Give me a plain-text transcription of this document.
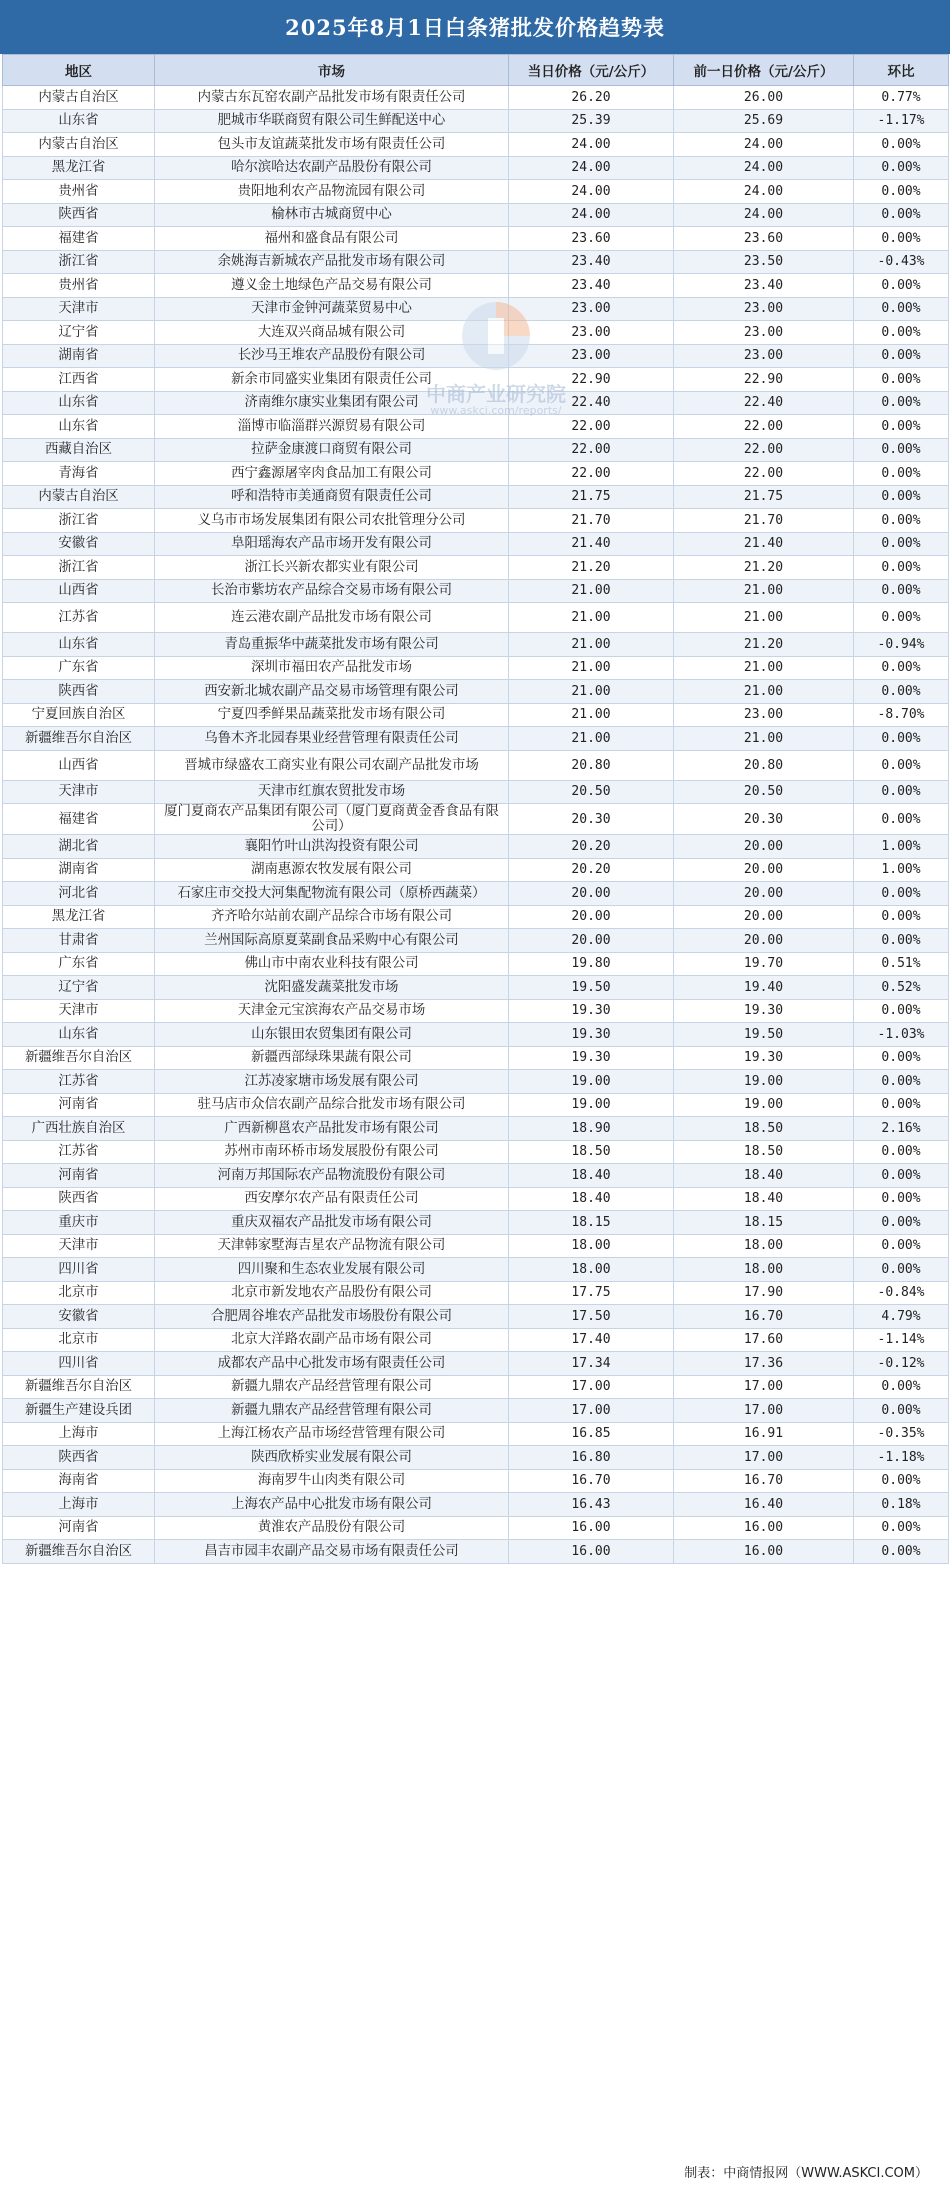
2025年8月1日白条猪批发价格趋势表
地区	市场	当日价格（元/公斤）	前一日价格（元/公斤）	环比
内蒙古自治区	内蒙古东瓦窑农副产品批发市场有限责任公司	26.20	26.00	0.77%
山东省	肥城市华联商贸有限公司生鲜配送中心	25.39	25.69	-1.17%
内蒙古自治区	包头市友谊蔬菜批发市场有限责任公司	24.00	24.00	0.00%
黑龙江省	哈尔滨哈达农副产品股份有限公司	24.00	24.00	0.00%
贵州省	贵阳地利农产品物流园有限公司	24.00	24.00	0.00%
陕西省	榆林市古城商贸中心	24.00	24.00	0.00%
福建省	福州和盛食品有限公司	23.60	23.60	0.00%
浙江省	余姚海吉新城农产品批发市场有限公司	23.40	23.50	-0.43%
贵州省	遵义金土地绿色产品交易有限公司	23.40	23.40	0.00%
天津市	天津市金钟河蔬菜贸易中心	23.00	23.00	0.00%
辽宁省	大连双兴商品城有限公司	23.00	23.00	0.00%
湖南省	长沙马王堆农产品股份有限公司	23.00	23.00	0.00%
江西省	新余市同盛实业集团有限责任公司	22.90	22.90	0.00%
山东省	济南维尔康实业集团有限公司	22.40	22.40	0.00%
山东省	淄博市临淄群兴源贸易有限公司	22.00	22.00	0.00%
西藏自治区	拉萨金康渡口商贸有限公司	22.00	22.00	0.00%
青海省	西宁鑫源屠宰肉食品加工有限公司	22.00	22.00	0.00%
内蒙古自治区	呼和浩特市美通商贸有限责任公司	21.75	21.75	0.00%
浙江省	义乌市市场发展集团有限公司农批管理分公司	21.70	21.70	0.00%
安徽省	阜阳瑶海农产品市场开发有限公司	21.40	21.40	0.00%
浙江省	浙江长兴新农都实业有限公司	21.20	21.20	0.00%
山西省	长治市紫坊农产品综合交易市场有限公司	21.00	21.00	0.00%
江苏省	连云港农副产品批发市场有限公司	21.00	21.00	0.00%
山东省	青岛重振华中蔬菜批发市场有限公司	21.00	21.20	-0.94%
广东省	深圳市福田农产品批发市场	21.00	21.00	0.00%
陕西省	西安新北城农副产品交易市场管理有限公司	21.00	21.00	0.00%
宁夏回族自治区	宁夏四季鲜果品蔬菜批发市场有限公司	21.00	23.00	-8.70%
新疆维吾尔自治区	乌鲁木齐北园春果业经营管理有限责任公司	21.00	21.00	0.00%
山西省	晋城市绿盛农工商实业有限公司农副产品批发市场	20.80	20.80	0.00%
天津市	天津市红旗农贸批发市场	20.50	20.50	0.00%
福建省	厦门夏商农产品集团有限公司（厦门夏商黄金香食品有限公司）	20.30	20.30	0.00%
湖北省	襄阳竹叶山洪沟投资有限公司	20.20	20.00	1.00%
湖南省	湖南惠源农牧发展有限公司	20.20	20.00	1.00%
河北省	石家庄市交投大河集配物流有限公司（原桥西蔬菜）	20.00	20.00	0.00%
黑龙江省	齐齐哈尔站前农副产品综合市场有限公司	20.00	20.00	0.00%
甘肃省	兰州国际高原夏菜副食品采购中心有限公司	20.00	20.00	0.00%
广东省	佛山市中南农业科技有限公司	19.80	19.70	0.51%
辽宁省	沈阳盛发蔬菜批发市场	19.50	19.40	0.52%
天津市	天津金元宝滨海农产品交易市场	19.30	19.30	0.00%
山东省	山东银田农贸集团有限公司	19.30	19.50	-1.03%
新疆维吾尔自治区	新疆西部绿珠果蔬有限公司	19.30	19.30	0.00%
江苏省	江苏凌家塘市场发展有限公司	19.00	19.00	0.00%
河南省	驻马店市众信农副产品综合批发市场有限公司	19.00	19.00	0.00%
广西壮族自治区	广西新柳邕农产品批发市场有限公司	18.90	18.50	2.16%
江苏省	苏州市南环桥市场发展股份有限公司	18.50	18.50	0.00%
河南省	河南万邦国际农产品物流股份有限公司	18.40	18.40	0.00%
陕西省	西安摩尔农产品有限责任公司	18.40	18.40	0.00%
重庆市	重庆双福农产品批发市场有限公司	18.15	18.15	0.00%
天津市	天津韩家墅海吉星农产品物流有限公司	18.00	18.00	0.00%
四川省	四川聚和生态农业发展有限公司	18.00	18.00	0.00%
北京市	北京市新发地农产品股份有限公司	17.75	17.90	-0.84%
安徽省	合肥周谷堆农产品批发市场股份有限公司	17.50	16.70	4.79%
北京市	北京大洋路农副产品市场有限公司	17.40	17.60	-1.14%
四川省	成都农产品中心批发市场有限责任公司	17.34	17.36	-0.12%
新疆维吾尔自治区	新疆九鼎农产品经营管理有限公司	17.00	17.00	0.00%
新疆生产建设兵团	新疆九鼎农产品经营管理有限公司	17.00	17.00	0.00%
上海市	上海江杨农产品市场经营管理有限公司	16.85	16.91	-0.35%
陕西省	陕西欣桥实业发展有限公司	16.80	17.00	-1.18%
海南省	海南罗牛山肉类有限公司	16.70	16.70	0.00%
上海市	上海农产品中心批发市场有限公司	16.43	16.40	0.18%
河南省	黄淮农产品股份有限公司	16.00	16.00	0.00%
新疆维吾尔自治区	昌吉市园丰农副产品交易市场有限责任公司	16.00	16.00	0.00%
中商产业研究院
www.askci.com/reports/
制表：中商情报网（WWW.ASKCI.COM）
